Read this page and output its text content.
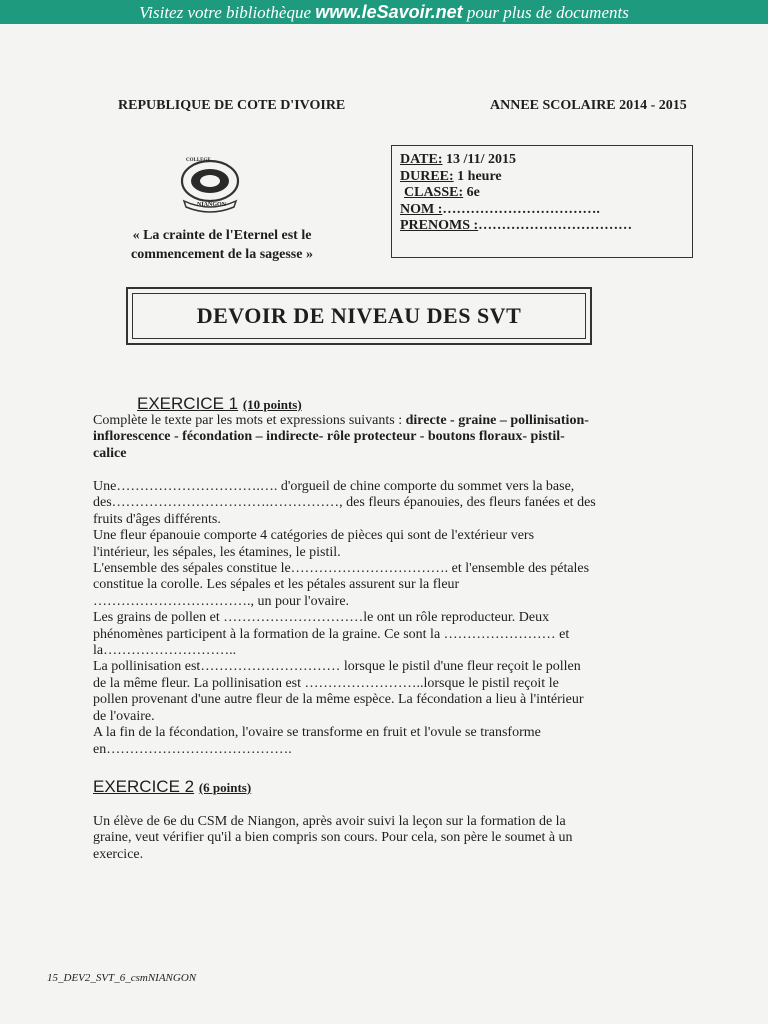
Visitez votre bibliothèque www.leSavoir.net pour plus de documents
REPUBLIQUE DE COTE D'IVOIRE	ANNEE SCOLAIRE 2014 - 2015
COLLEGE
NIANGON
« La crainte de l'Eternel est le
commencement de la sagesse »
DATE: 13 /11/ 2015
DUREE: 1 heure
CLASSE: 6e
NOM :…………………………….
PRENOMS :……………………………
DEVOIR DE NIVEAU DES SVT
EXERCICE 1 (10 points)
Complète le texte par les mots et expressions suivants : directe - graine – pollinisation-
inflorescence - fécondation – indirecte- rôle protecteur - boutons floraux- pistil-
calice
Une………………………….…. d'orgueil de chine comporte du sommet vers la base,
des…………………………….……………, des fleurs épanouies, des fleurs fanées et des
fruits d'âges différents.
Une fleur épanouie comporte 4 catégories de pièces qui sont de l'extérieur vers
l'intérieur, les sépales, les étamines, le pistil.
L'ensemble des sépales constitue le……………………………. et l'ensemble des pétales
constitue la corolle. Les sépales et les pétales assurent sur la fleur
……………………………., un pour l'ovaire.
Les grains de pollen et …………………………le ont un rôle reproducteur. Deux
phénomènes participent à la formation de la graine. Ce sont la …………………… et
la………………………..
La pollinisation est………………………… lorsque le pistil d'une fleur reçoit le pollen
de la même fleur. La pollinisation est ……………………..lorsque le pistil reçoit le
pollen provenant d'une autre fleur de la même espèce. La fécondation a lieu à l'intérieur
de l'ovaire.
A la fin de la fécondation, l'ovaire se transforme en fruit et l'ovule se transforme
en………………………………….
EXERCICE 2 (6 points)
Un élève de 6e du CSM de Niangon, après avoir suivi la leçon sur la formation de la
graine, veut vérifier qu'il a bien compris son cours. Pour cela, son père le soumet à un
exercice.
15_DEV2_SVT_6_csmNIANGON
